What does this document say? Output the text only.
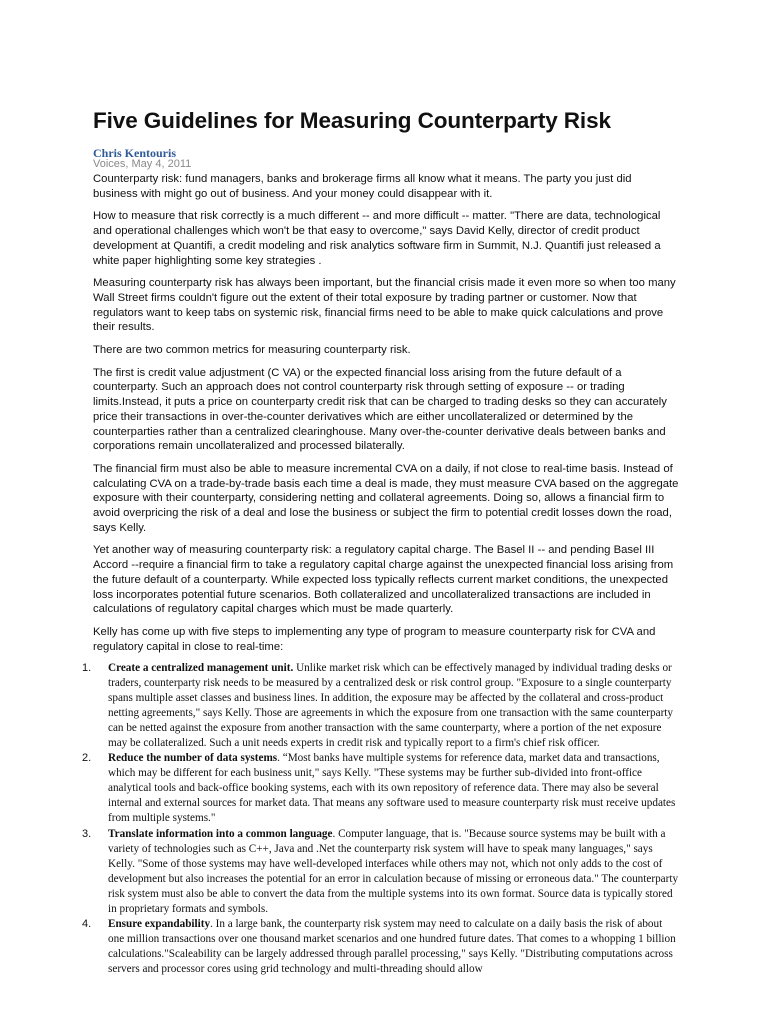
Five Guidelines for Measuring Counterparty Risk
Chris Kentouris
Voices, May 4, 2011

Counterparty risk: fund managers, banks and brokerage firms all know what it means. The party you just did business with might go out of business. And your money could disappear with it.

How to measure that risk correctly is a much different -- and more difficult -- matter. "There are data, technological and operational challenges which won't be that easy to overcome," says David Kelly, director of credit product development at Quantifi, a credit modeling and risk analytics software firm in Summit, N.J. Quantifi just released a white paper highlighting some key strategies .

Measuring counterparty risk has always been important, but the financial crisis made it even more so when too many Wall Street firms couldn't figure out the extent of their total exposure by trading partner or customer. Now that regulators want to keep tabs on systemic risk, financial firms need to be able to make quick calculations and prove their results.

There are two common metrics for measuring counterparty risk.

The first is credit value adjustment (C VA) or the expected financial loss arising from the future default of a counterparty. Such an approach does not control counterparty risk through setting of exposure -- or trading limits.Instead, it puts a price on counterparty credit risk that can be charged to trading desks so they can accurately price their transactions in over-the-counter derivatives which are either uncollateralized or determined by the counterparties rather than a centralized clearinghouse. Many over-the-counter derivative deals between banks and corporations remain uncollateralized and processed bilaterally.

The financial firm must also be able to measure incremental CVA on a daily, if not close to real-time basis. Instead of calculating CVA on a trade-by-trade basis each time a deal is made, they must measure CVA based on the aggregate exposure with their counterparty, considering netting and collateral agreements. Doing so, allows a financial firm to avoid overpricing the risk of a deal and lose the business or subject the firm to potential credit losses down the road, says Kelly.

Yet another way of measuring counterparty risk: a regulatory capital charge. The Basel II -- and pending Basel III Accord --require a financial firm to take a regulatory capital charge against the unexpected financial loss arising from the future default of a counterparty. While expected loss typically reflects current market conditions, the unexpected loss incorporates potential future scenarios. Both collateralized and uncollateralized transactions are included in calculations of regulatory capital charges which must be made quarterly.

Kelly has come up with five steps to implementing any type of program to measure counterparty risk for CVA and regulatory capital in close to real-time:

1. Create a centralized management unit. Unlike market risk which can be effectively managed by individual trading desks or traders, counterparty risk needs to be measured by a centralized desk or risk control group. "Exposure to a single counterparty spans multiple asset classes and business lines. In addition, the exposure may be affected by the collateral and cross-product netting agreements," says Kelly. Those are agreements in which the exposure from one transaction with the same counterparty can be netted against the exposure from another transaction with the same counterparty, where a portion of the net exposure may be collateralized. Such a unit needs experts in credit risk and typically report to a firm's chief risk officer.
2. Reduce the number of data systems. “Most banks have multiple systems for reference data, market data and transactions, which may be different for each business unit," says Kelly. "These systems may be further sub-divided into front-office analytical tools and back-office booking systems, each with its own repository of reference data. There may also be several internal and external sources for market data. That means any software used to measure counterparty risk must receive updates from multiple systems."
3. Translate information into a common language. Computer language, that is. "Because source systems may be built with a variety of technologies such as C++, Java and .Net the counterparty risk system will have to speak many languages," says Kelly. "Some of those systems may have well-developed interfaces while others may not, which not only adds to the cost of development but also increases the potential for an error in calculation because of missing or erroneous data." The counterparty risk system must also be able to convert the data from the multiple systems into its own format. Source data is typically stored in proprietary formats and symbols.
4. Ensure expandability. In a large bank, the counterparty risk system may need to calculate on a daily basis the risk of about one million transactions over one thousand market scenarios and one hundred future dates. That comes to a whopping 1 billion calculations."Scaleability can be largely addressed through parallel processing," says Kelly. "Distributing computations across servers and processor cores using grid technology and multi-threading should allow
